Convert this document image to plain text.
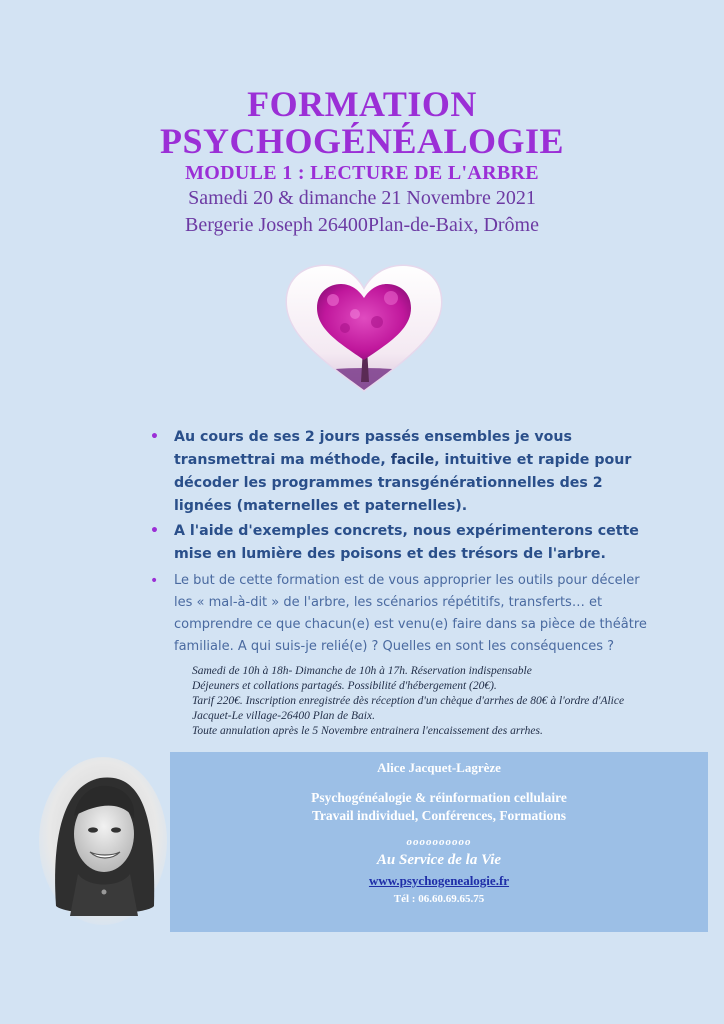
FORMATION
PSYCHOGÉNÉALOGIE
MODULE 1 : LECTURE DE L'ARBRE
Samedi 20 & dimanche 21 Novembre 2021
Bergerie Joseph 26400Plan-de-Baix, Drôme
• Au cours de ses 2 jours passés ensembles je vous transmettrai ma méthode, facile, intuitive et rapide pour décoder les programmes transgénérationnelles des 2 lignées (maternelles et paternelles).
• A l'aide d'exemples concrets, nous expérimenterons cette mise en lumière des poisons et des trésors de l'arbre.
• Le but de cette formation est de vous approprier les outils pour déceler les « mal-à-dit » de l'arbre, les scénarios répétitifs, transferts… et comprendre ce que chacun(e) est venu(e) faire dans sa pièce de théâtre familiale. A qui suis-je relié(e) ? Quelles en sont les conséquences ?
Samedi de 10h à 18h- Dimanche de 10h à 17h. Réservation indispensable
Déjeuners et collations partagés. Possibilité d'hébergement (20€).
Tarif 220€. Inscription enregistrée dès réception d'un chèque d'arrhes de 80€ à l'ordre d'Alice Jacquet-Le village-26400 Plan de Baix.
Toute annulation après le 5 Novembre entrainera l'encaissement des arrhes.
Alice Jacquet-Lagrèze
Psychogénéalogie & réinformation cellulaire
Travail individuel, Conférences, Formations
oooooooooo
Au Service de la Vie
www.psychogenealogie.fr
Tél : 06.60.69.65.75
